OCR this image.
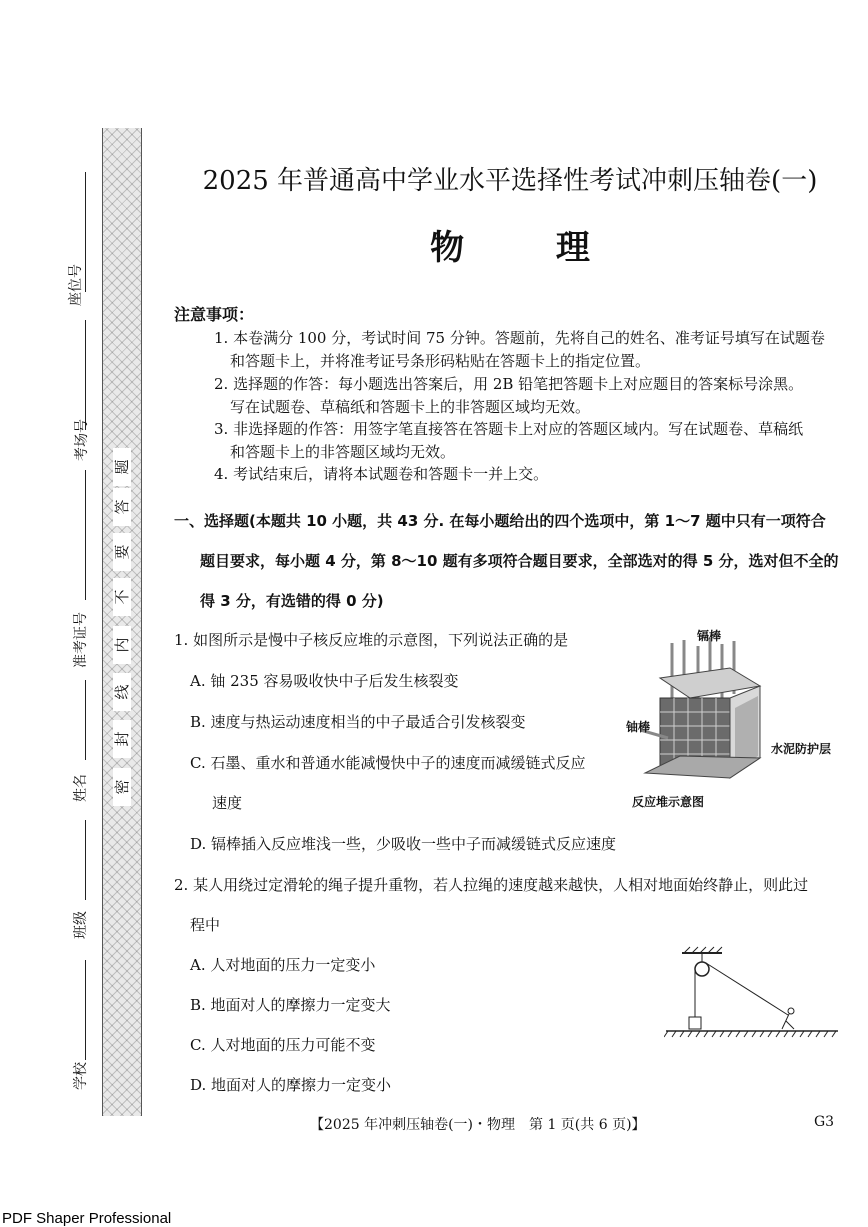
座位号
考场号
准考证号
姓名
班级
学校
题
答
要
不
内
线
封
密
2025 年普通高中学业水平选择性考试冲刺压轴卷(一)
物 理
注意事项：
1. 本卷满分 100 分，考试时间 75 分钟。答题前，先将自己的姓名、准考证号填写在试题卷
和答题卡上，并将准考证号条形码粘贴在答题卡上的指定位置。
2. 选择题的作答：每小题选出答案后，用 2B 铅笔把答题卡上对应题目的答案标号涂黑。
写在试题卷、草稿纸和答题卡上的非答题区域均无效。
3. 非选择题的作答：用签字笔直接答在答题卡上对应的答题区域内。写在试题卷、草稿纸
和答题卡上的非答题区域均无效。
4. 考试结束后，请将本试题卷和答题卡一并上交。
一、选择题(本题共 10 小题，共 43 分. 在每小题给出的四个选项中，第 1～7 题中只有一项符合
题目要求，每小题 4 分，第 8～10 题有多项符合题目要求，全部选对的得 5 分，选对但不全的
得 3 分，有选错的得 0 分)
1. 如图所示是慢中子核反应堆的示意图，下列说法正确的是
A. 铀 235 容易吸收快中子后发生核裂变
B. 速度与热运动速度相当的中子最适合引发核裂变
C. 石墨、重水和普通水能减慢快中子的速度而减缓链式反应
速度
D. 镉棒插入反应堆浅一些，少吸收一些中子而减缓链式反应速度
镉棒
铀棒
水泥防护层
反应堆示意图
2. 某人用绕过定滑轮的绳子提升重物，若人拉绳的速度越来越快，人相对地面始终静止，则此过
程中
A. 人对地面的压力一定变小
B. 地面对人的摩擦力一定变大
C. 人对地面的压力可能不变
D. 地面对人的摩擦力一定变小
【2025 年冲刺压轴卷(一)・物理　第 1 页(共 6 页)】	G3
PDF Shaper Professional
